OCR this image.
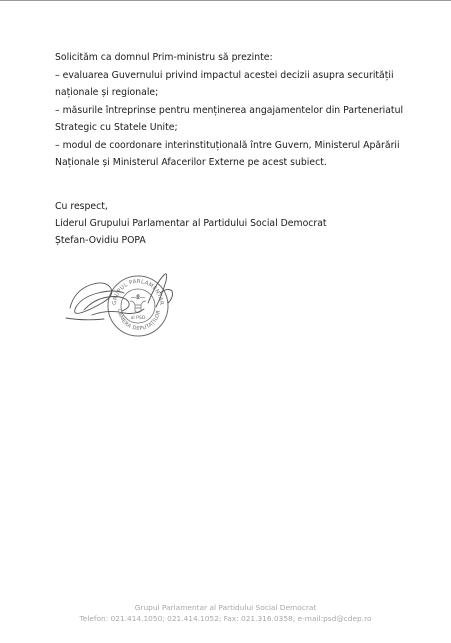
Solicităm ca domnul Prim-ministru să prezinte:

– evaluarea Guvernului privind impactul acestei decizii asupra securității

naționale și regionale;

– măsurile întreprinse pentru menținerea angajamentelor din Parteneriatul

Strategic cu Statele Unite;

– modul de coordonare interinstituțională între Guvern, Ministerul Apărării

Naționale și Ministerul Afacerilor Externe pe acest subiect.

Cu respect,

Liderul Grupului Parlamentar al Partidului Social Democrat

Ștefan-Ovidiu POPA

GRUPUL PARLAMENTAR
CAMERA DEPUTAȚILOR
al PSD

Grupul Parlamentar al Partidului Social Democrat

Telefon: 021.414.1050; 021.414.1052; Fax: 021.316.0358; e-mail:psd@cdep.ro
